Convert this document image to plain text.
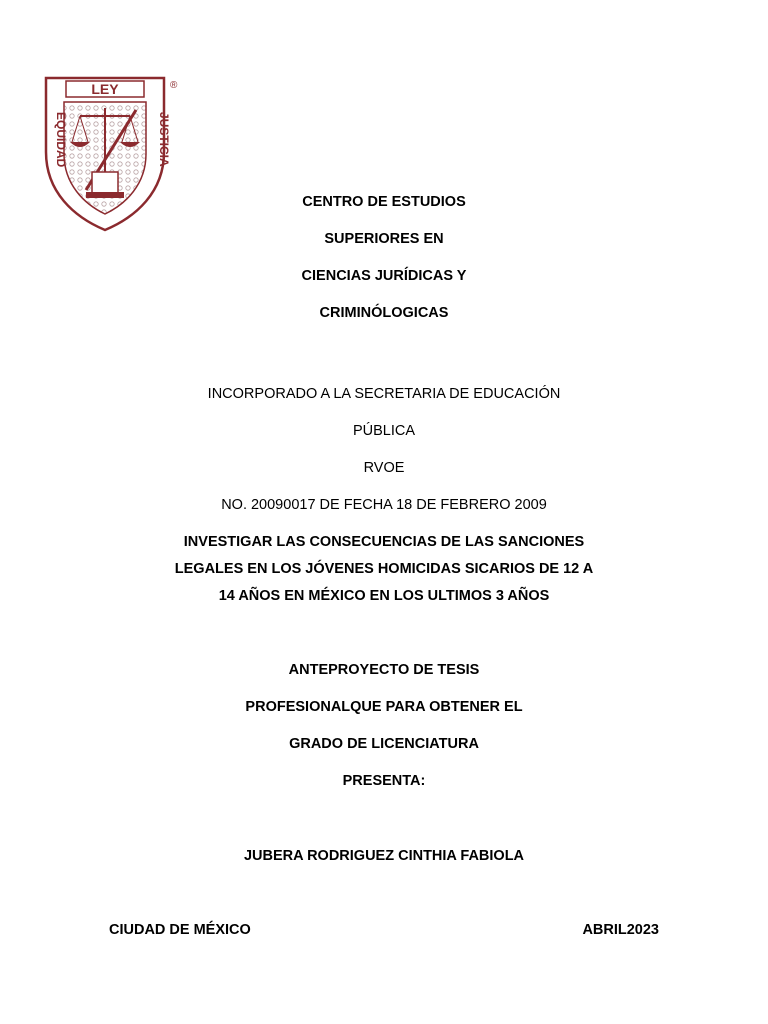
LEY
EQUIDAD	JUSTICIA
®
CENTRO DE ESTUDIOS
SUPERIORES EN
CIENCIAS JURÍDICAS Y
CRIMINÓLOGICAS
INCORPORADO A LA SECRETARIA DE EDUCACIÓN
PÚBLICA
RVOE
NO. 20090017 DE FECHA 18 DE FEBRERO 2009
INVESTIGAR LAS CONSECUENCIAS DE LAS SANCIONES
LEGALES EN LOS JÓVENES HOMICIDAS SICARIOS DE 12 A
14 AÑOS EN MÉXICO EN LOS ULTIMOS 3 AÑOS
ANTEPROYECTO DE TESIS
PROFESIONALQUE PARA OBTENER EL
GRADO DE LICENCIATURA
PRESENTA:
JUBERA RODRIGUEZ CINTHIA FABIOLA
CIUDAD DE MÉXICO	ABRIL2023
